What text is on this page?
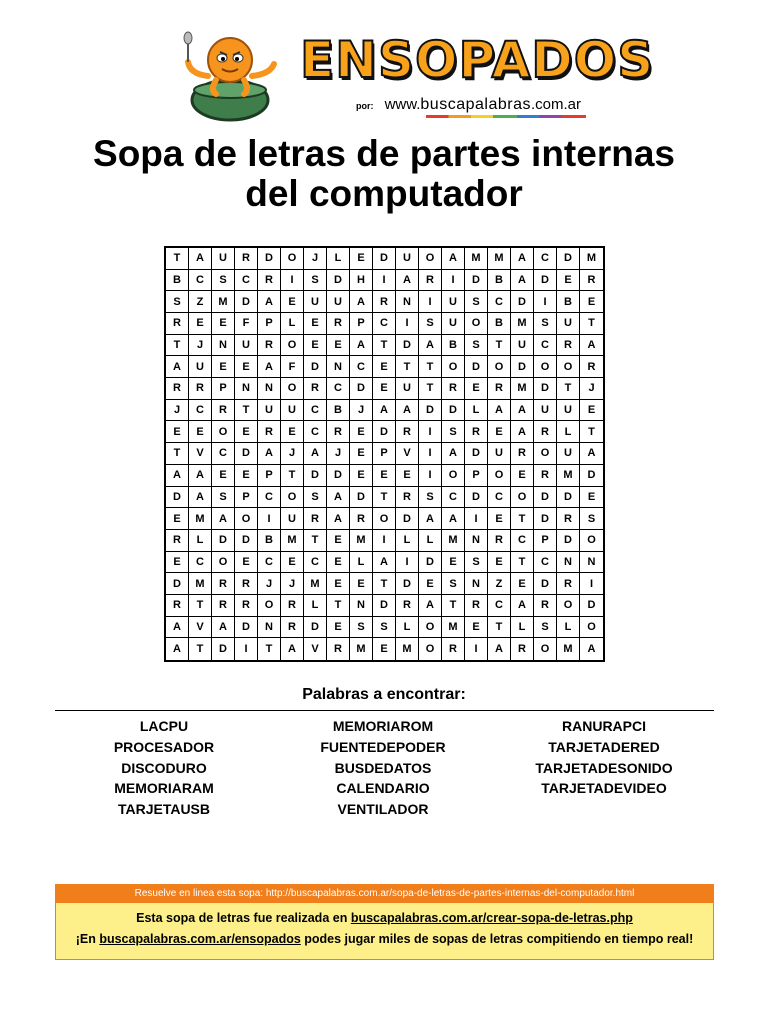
ENSOPADOS
por: www.buscapalabras.com.ar
Sopa de letras de partes internas
del computador
T	A	U	R	D	O	J	L	E	D	U	O	A	M	M	A	C	D	M
B	C	S	C	R	I	S	D	H	I	A	R	I	D	B	A	D	E	R
S	Z	M	D	A	E	U	U	A	R	N	I	U	S	C	D	I	B	E
R	E	E	F	P	L	E	R	P	C	I	S	U	O	B	M	S	U	T
T	J	N	U	R	O	E	E	A	T	D	A	B	S	T	U	C	R	A
A	U	E	E	A	F	D	N	C	E	T	T	O	D	O	D	O	O	R
R	R	P	N	N	O	R	C	D	E	U	T	R	E	R	M	D	T	J
J	C	R	T	U	U	C	B	J	A	A	D	D	L	A	A	U	U	E
E	E	O	E	R	E	C	R	E	D	R	I	S	R	E	A	R	L	T
T	V	C	D	A	J	A	J	E	P	V	I	A	D	U	R	O	U	A
A	A	E	E	P	T	D	D	E	E	E	I	O	P	O	E	R	M	D
D	A	S	P	C	O	S	A	D	T	R	S	C	D	C	O	D	D	E
E	M	A	O	I	U	R	A	R	O	D	A	A	I	E	T	D	R	S
R	L	D	D	B	M	T	E	M	I	L	L	M	N	R	C	P	D	O
E	C	O	E	C	E	C	E	L	A	I	D	E	S	E	T	C	N	N
D	M	R	R	J	J	M	E	E	T	D	E	S	N	Z	E	D	R	I
R	T	R	R	O	R	L	T	N	D	R	A	T	R	C	A	R	O	D
A	V	A	D	N	R	D	E	S	S	L	O	M	E	T	L	S	L	O
A	T	D	I	T	A	V	R	M	E	M	O	R	I	A	R	O	M	A
Palabras a encontrar:
LACPU
PROCESADOR
DISCODURO
MEMORIARAM
TARJETAUSB
MEMORIAROM
FUENTEDEPODER
BUSDEDATOS
CALENDARIO
VENTILADOR
RANURAPCI
TARJETADERED
TARJETADESONIDO
TARJETADEVIDEO
Resuelve en linea esta sopa: http://buscapalabras.com.ar/sopa-de-letras-de-partes-internas-del-computador.html
Esta sopa de letras fue realizada en buscapalabras.com.ar/crear-sopa-de-letras.php
¡En buscapalabras.com.ar/ensopados podes jugar miles de sopas de letras compitiendo en tiempo real!
